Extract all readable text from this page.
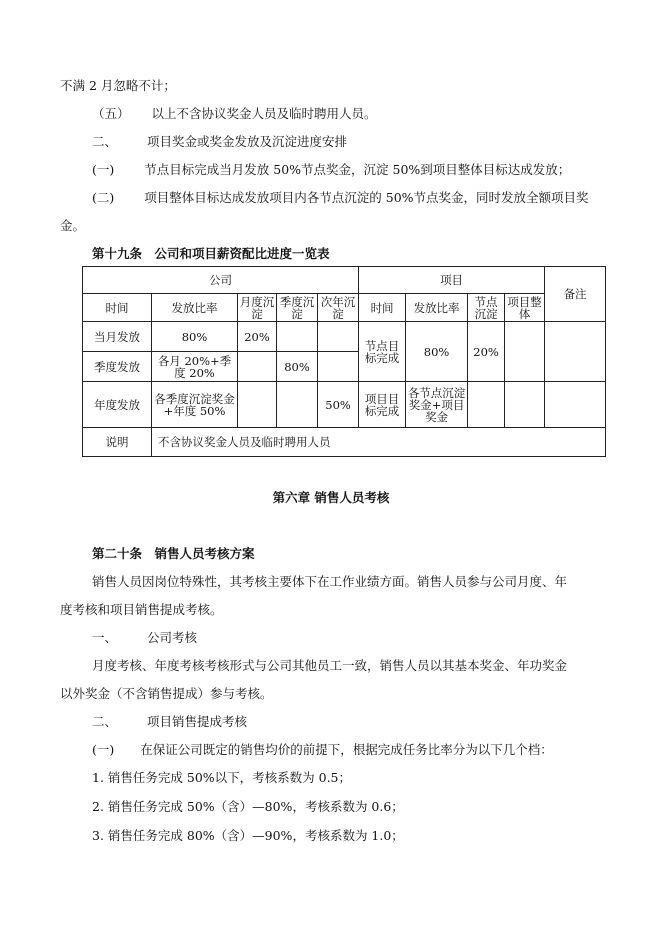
不满 2 月忽略不计；
（五） 以上不含协议奖金人员及临时聘用人员。
二、 项目奖金或奖金发放及沉淀进度安排
(一) 节点目标完成当月发放 50%节点奖金，沉淀 50%到项目整体目标达成发放；
(二) 项目整体目标达成发放项目内各节点沉淀的 50%节点奖金，同时发放全额项目奖
金。
第十九条　公司和项目薪资配比进度一览表
公司					项目				备注
时间	发放比率	月度沉淀	季度沉淀	次年沉淀	时间	发放比率	节点沉淀	项目整体	
当月发放	80%	20%			节点目标完成	80%	20%		
季度发放	各月 20%+季度 20%		80%						
年度发放	各季度沉淀奖金+年度 50%			50%	项目目标完成	各节点沉淀奖金+项目奖金			
说明	不含协议奖金人员及临时聘用人员								
第六章 销售人员考核
第二十条　销售人员考核方案
销售人员因岗位特殊性，其考核主要体下在工作业绩方面。销售人员参与公司月度、年
度考核和项目销售提成考核。
一、 公司考核
月度考核、年度考核考核形式与公司其他员工一致，销售人员以其基本奖金、年功奖金
以外奖金（不含销售提成）参与考核。
二、 项目销售提成考核
(一) 在保证公司既定的销售均价的前提下，根据完成任务比率分为以下几个档：
1. 销售任务完成 50%以下，考核系数为 0.5；
2. 销售任务完成 50%（含）—80%，考核系数为 0.6；
3. 销售任务完成 80%（含）—90%，考核系数为 1.0；
